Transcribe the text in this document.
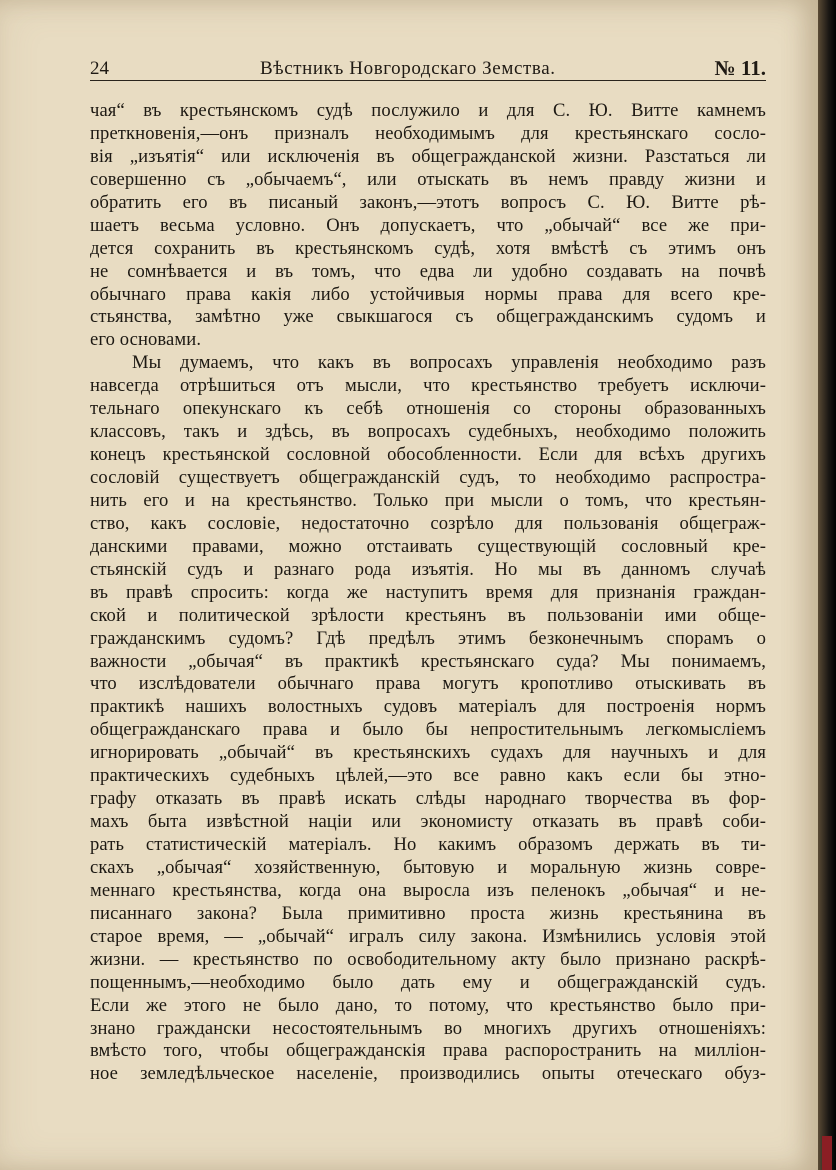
24	Вѣстникъ Новгородскаго Земства.	№ 11.
чая“ въ крестьянскомъ судѣ послужило и для С. Ю. Витте камнемъ
преткновенія,—онъ призналъ необходимымъ для крестьянскаго сосло-
вія „изъятія“ или исключенія въ общегражданской жизни. Разстаться ли
совершенно съ „обычаемъ“, или отыскать въ немъ правду жизни и
обратить его въ писаный законъ,—этотъ вопросъ С. Ю. Витте рѣ-
шаетъ весьма условно. Онъ допускаетъ, что „обычай“ все же при-
дется сохранить въ крестьянскомъ судѣ, хотя вмѣстѣ съ этимъ онъ
не сомнѣвается и въ томъ, что едва ли удобно создавать на почвѣ
обычнаго права какія либо устойчивыя нормы права для всего кре-
стьянства, замѣтно уже свыкшагося съ общегражданскимъ судомъ и
его основами.
Мы думаемъ, что какъ въ вопросахъ управленія необходимо разъ
навсегда отрѣшиться отъ мысли, что крестьянство требуетъ исключи-
тельнаго опекунскаго къ себѣ отношенія со стороны образованныхъ
классовъ, такъ и здѣсь, въ вопросахъ судебныхъ, необходимо положить
конецъ крестьянской сословной обособленности. Если для всѣхъ другихъ
сословій существуетъ общегражданскій судъ, то необходимо распростра-
нить его и на крестьянство. Только при мысли о томъ, что крестьян-
ство, какъ сословіе, недостаточно созрѣло для пользованія общеграж-
данскими правами, можно отстаивать существующій сословный кре-
стьянскій судъ и разнаго рода изъятія. Но мы въ данномъ случаѣ
въ правѣ спросить: когда же наступитъ время для признанія граждан-
ской и политической зрѣлости крестьянъ въ пользованіи ими обще-
гражданскимъ судомъ? Гдѣ предѣлъ этимъ безконечнымъ спорамъ о
важности „обычая“ въ практикѣ крестьянскаго суда? Мы понимаемъ,
что изслѣдователи обычнаго права могутъ кропотливо отыскивать въ
практикѣ нашихъ волостныхъ судовъ матеріалъ для построенія нормъ
общегражданскаго права и было бы непростительнымъ легкомысліемъ
игнорировать „обычай“ въ крестьянскихъ судахъ для научныхъ и для
практическихъ судебныхъ цѣлей,—это все равно какъ если бы этно-
графу отказать въ правѣ искать слѣды народнаго творчества въ фор-
махъ быта извѣстной націи или экономисту отказать въ правѣ соби-
рать статистическій матеріалъ. Но какимъ образомъ держать въ ти-
скахъ „обычая“ хозяйственную, бытовую и моральную жизнь совре-
меннаго крестьянства, когда она выросла изъ пеленокъ „обычая“ и не-
писаннаго закона? Была примитивно проста жизнь крестьянина въ
старое время, — „обычай“ игралъ силу закона. Измѣнились условія этой
жизни. — крестьянство по освободительному акту было признано раскрѣ-
пощеннымъ,—необходимо было дать ему и общегражданскій судъ.
Если же этого не было дано, то потому, что крестьянство было при-
знано граждански несостоятельнымъ во многихъ другихъ отношеніяхъ:
вмѣсто того, чтобы общегражданскія права распоространить на милліон-
ное земледѣльческое населеніе, производились опыты отеческаго обуз-
